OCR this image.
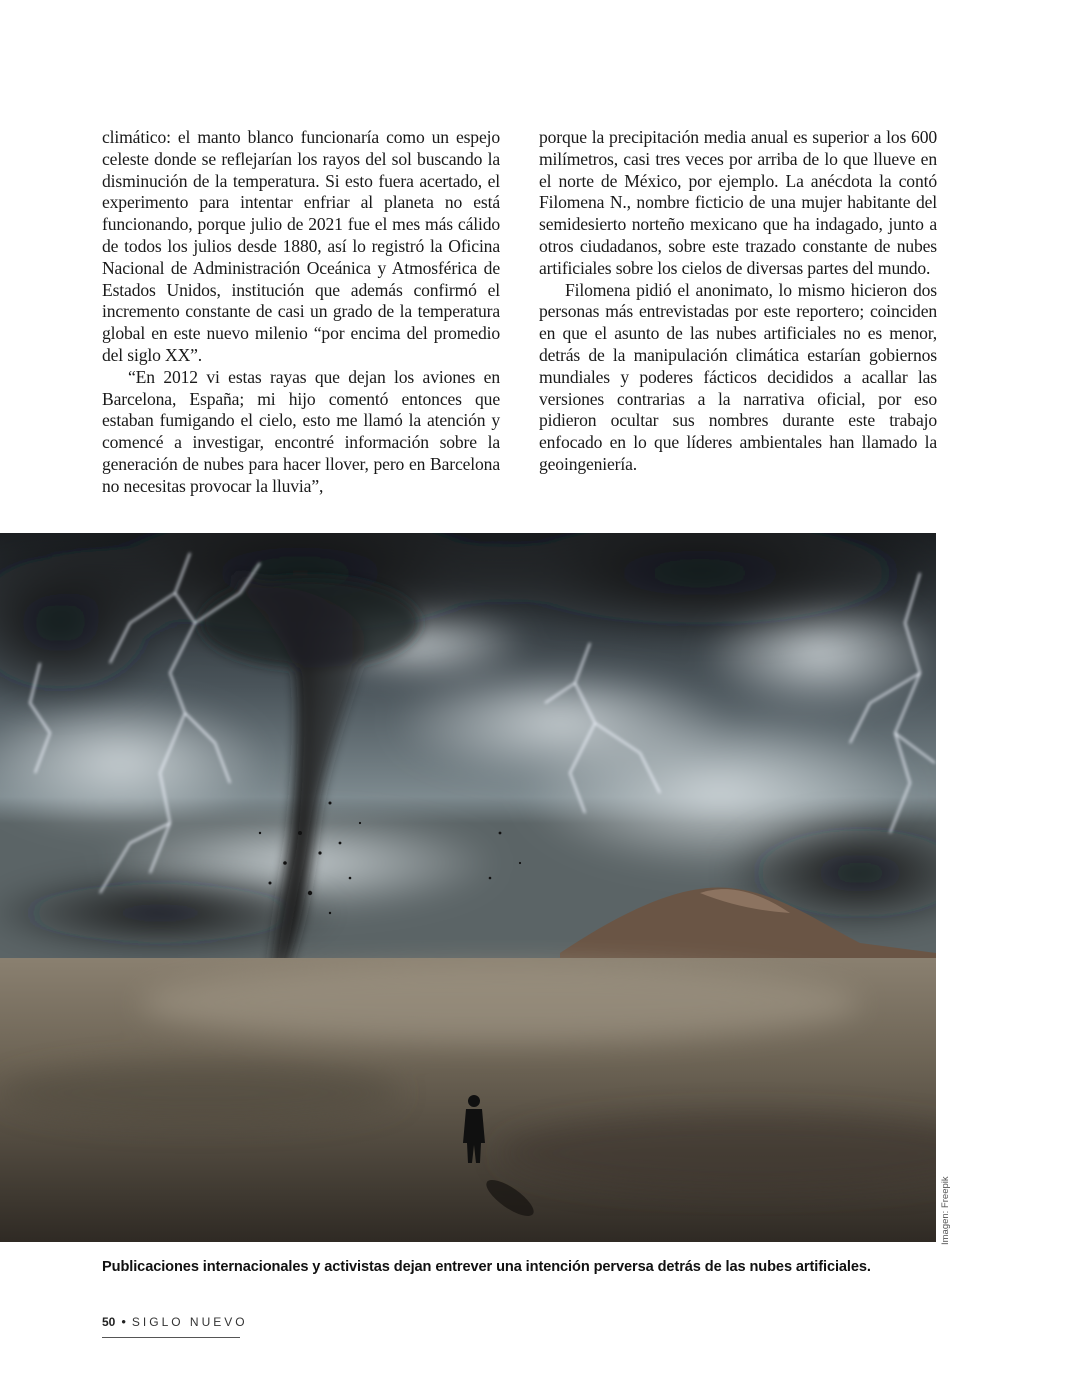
climático: el manto blanco funcionaría como un espejo celeste donde se reflejarían los rayos del sol buscando la disminución de la temperatura. Si esto fuera acertado, el experimento para intentar enfriar al planeta no está funcionando, porque julio de 2021 fue el mes más cálido de todos los julios desde 1880, así lo registró la Oficina Nacional de Administración Oceánica y Atmosférica de Estados Unidos, institución que además confirmó el incremento constante de casi un grado de la temperatura global en este nuevo milenio “por encima del promedio del siglo XX”.

“En 2012 vi estas rayas que dejan los aviones en Barcelona, España; mi hijo comentó entonces que estaban fumigando el cielo, esto me llamó la atención y comencé a investigar, encontré información sobre la generación de nubes para hacer llover, pero en Barcelona no necesitas provocar la lluvia”,

porque la precipitación media anual es superior a los 600 milímetros, casi tres veces por arriba de lo que llueve en el norte de México, por ejemplo. La anécdota la contó Filomena N., nombre ficticio de una mujer habitante del semidesierto norteño mexicano que ha indagado, junto a otros ciudadanos, sobre este trazado constante de nubes artificiales sobre los cielos de diversas partes del mundo.

Filomena pidió el anonimato, lo mismo hicieron dos personas más entrevistadas por este reportero; coinciden en que el asunto de las nubes artificiales no es menor, detrás de la manipulación climática estarían gobiernos mundiales y poderes fácticos decididos a acallar las versiones contrarias a la narrativa oficial, por eso pidieron ocultar sus nombres durante este trabajo enfocado en lo que líderes ambientales han llamado la geoingeniería.

Imagen: Freepik
Publicaciones internacionales y activistas dejan entrever una intención perversa detrás de las nubes artificiales.
50 • SIGLO NUEVO
